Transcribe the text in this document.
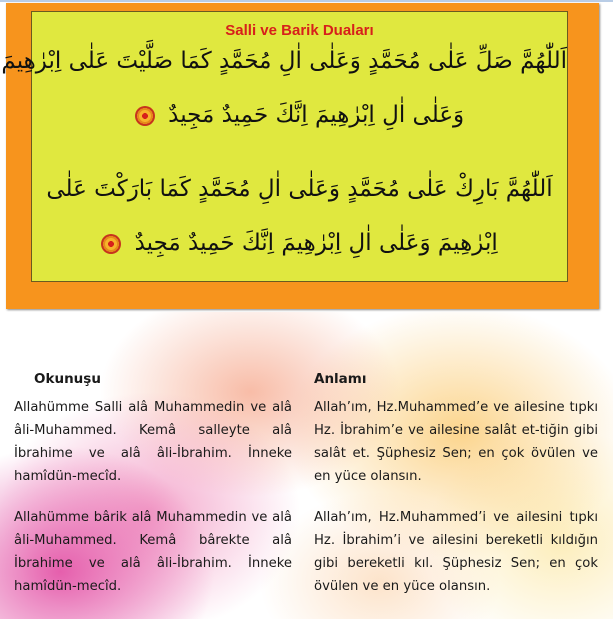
Salli ve Barik Duaları
اَللّٰهُمَّ صَلِّ عَلٰى مُحَمَّدٍ وَعَلٰى اٰلِ مُحَمَّدٍ كَمَا صَلَّيْتَ عَلٰى اِبْرٰهِيمَ
وَعَلٰى اٰلِ اِبْرٰهِيمَ اِنَّكَ حَمِيدٌ مَجِيدٌ
اَللّٰهُمَّ بَارِكْ عَلٰى مُحَمَّدٍ وَعَلٰى اٰلِ مُحَمَّدٍ كَمَا بَارَكْتَ عَلٰى
اِبْرٰهِيمَ وَعَلٰى اٰلِ اِبْرٰهِيمَ اِنَّكَ حَمِيدٌ مَجِيدٌ
Okunuşu

Allahümme Salli alâ Muhammedin ve alâ âli-Muhammed. Kemâ salleyte alâ İbrahime ve alâ âli-İbrahim. İnneke hamîdün-mecîd.

Allahümme bârik alâ Muhammedin ve alâ âli-Muhammed. Kemâ bârekte alâ İbrahime ve alâ âli-İbrahim. İnneke hamîdün-mecîd.

Anlamı

Allah’ım, Hz.Muhammed’e ve ailesine tıpkı Hz. İbrahim’e ve ailesine salât et-tiğin gibi salât et. Şüphesiz Sen; en çok övülen ve en yüce olansın.

Allah’ım, Hz.Muhammed’i ve ailesini tıpkı Hz. İbrahim’i ve ailesini bereketli kıldığın gibi bereketli kıl. Şüphesiz Sen; en çok övülen ve en yüce olansın.
